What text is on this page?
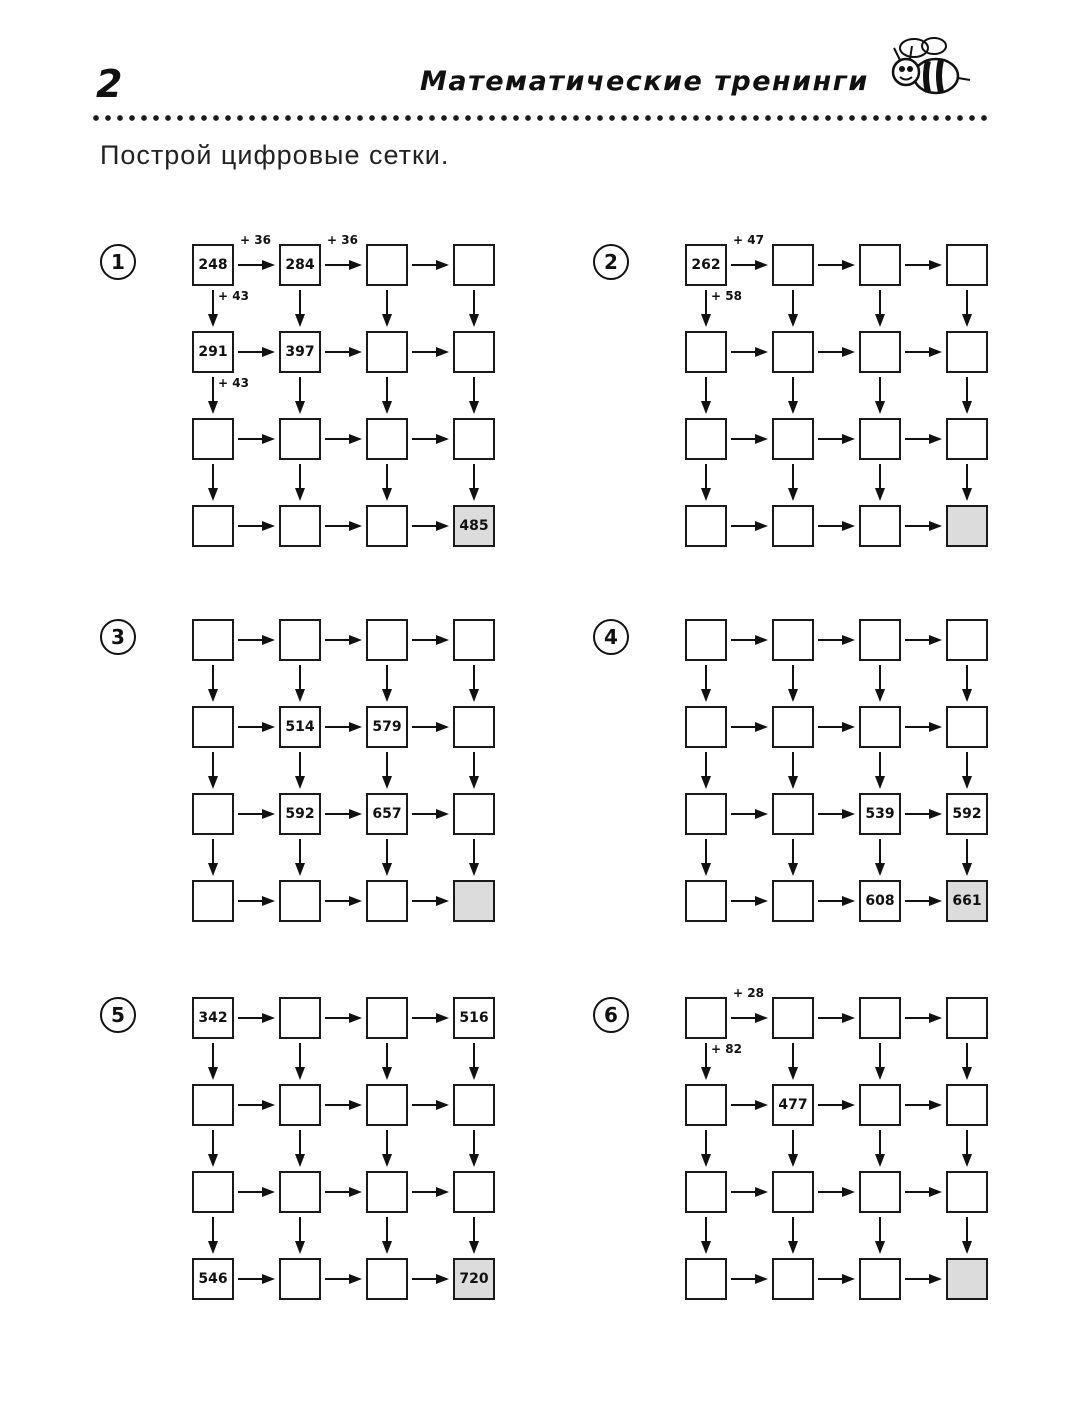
2	Математические тренинги
Построй цифровые сетки.
1	248	284
291	397
485
+ 36	+ 36
+ 43
+ 43
2	262
+ 47
+ 58
3
514	579
592	657
4
539	592
608	661
5	342	516
546	720
6
477
+ 28
+ 82
